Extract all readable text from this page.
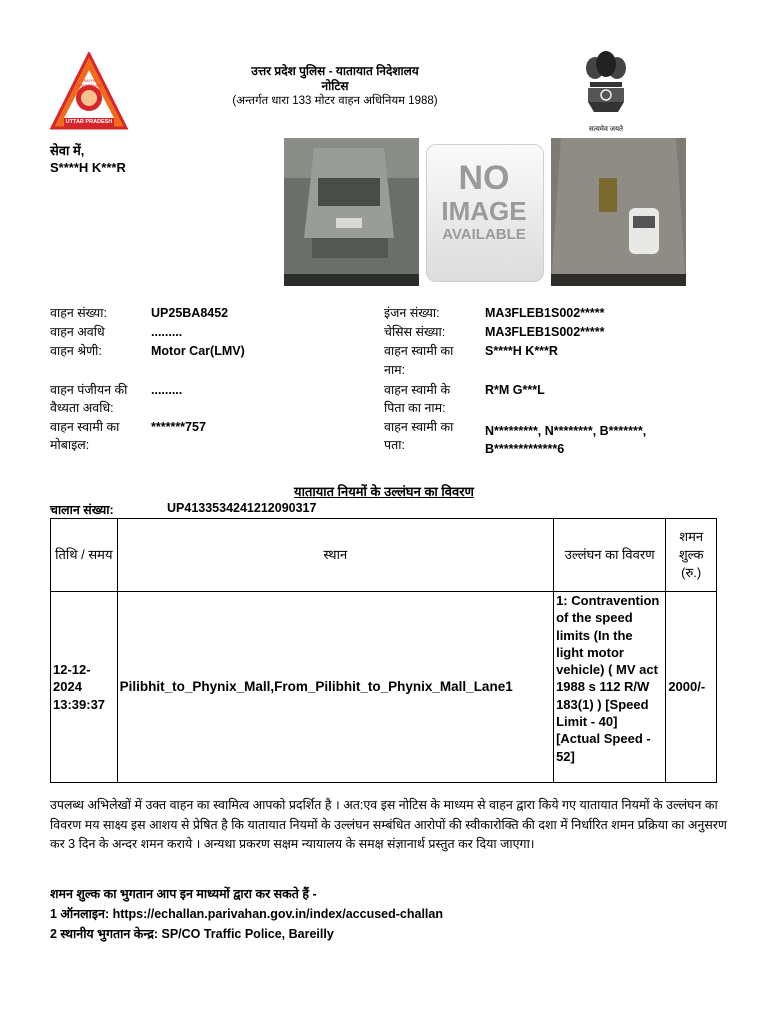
UTTAR PRADESH
TRAFFIC DIRECTORATE
उत्तर प्रदेश पुलिस - यातायात निदेशालय
नोटिस
(अन्तर्गत धारा 133 मोटर वाहन अधिनियम 1988)
सत्यमेव जयते
सेवा में,
S****H K***R	NO
IMAGE
AVAILABLE
वाहन संख्या:	UP25BA8452
वाहन अवधि	.........
वाहन श्रेणी:	Motor Car(LMV)
वाहन पंजीयन की
वैध्यता अवधि:
.........
वाहन स्वामी का
मोबाइल:
*******757
इंजन संख्या:	MA3FLEB1S002*****
चेसिस संख्या:	MA3FLEB1S002*****
वाहन स्वामी का
नाम:
S****H K***R
वाहन स्वामी के
पिता का नाम:
R*M G***L
वाहन स्वामी का
पता:
N*********, N********, B*******,
B*************6
यातायात नियमों के उल्लंघन का विवरण
चालान संख्या:	UP4133534241212090317
तिथि / समय	स्थान	उल्लंघन का विवरण	शमन शुल्क (रु.)
12-12-2024 13:39:37	Pilibhit_to_Phynix_Mall,From_Pilibhit_to_Phynix_Mall_Lane1	1: Contravention of the speed limits (In the light motor vehicle) ( MV act 1988 s 112 R/W 183(1) ) [Speed Limit - 40] [Actual Speed - 52]	2000/-
उपलब्ध अभिलेखों में उक्त वाहन का स्वामित्व आपको प्रदर्शित है । अत:एव इस नोटिस के माध्यम से वाहन द्वारा किये गए यातायात नियमों के उल्लंघन का विवरण मय साक्ष्य इस आशय से प्रेषित है कि यातायात नियमों के उल्लंघन सम्बंधित आरोपों की स्वीकारोक्ति की दशा में निर्धारित शमन प्रक्रिया का अनुसरण कर 3 दिन के अन्दर शमन कराये । अन्यथा प्रकरण सक्षम न्यायालय के समक्ष संज्ञानार्थ प्रस्तुत कर दिया जाएगा।
शमन शुल्क का भुगतान आप इन माध्यमों द्वारा कर सकते हैं -
1 ऑनलाइन: https://echallan.parivahan.gov.in/index/accused-challan
2 स्थानीय भुगतान केन्द्र: SP/CO Traffic Police, Bareilly
